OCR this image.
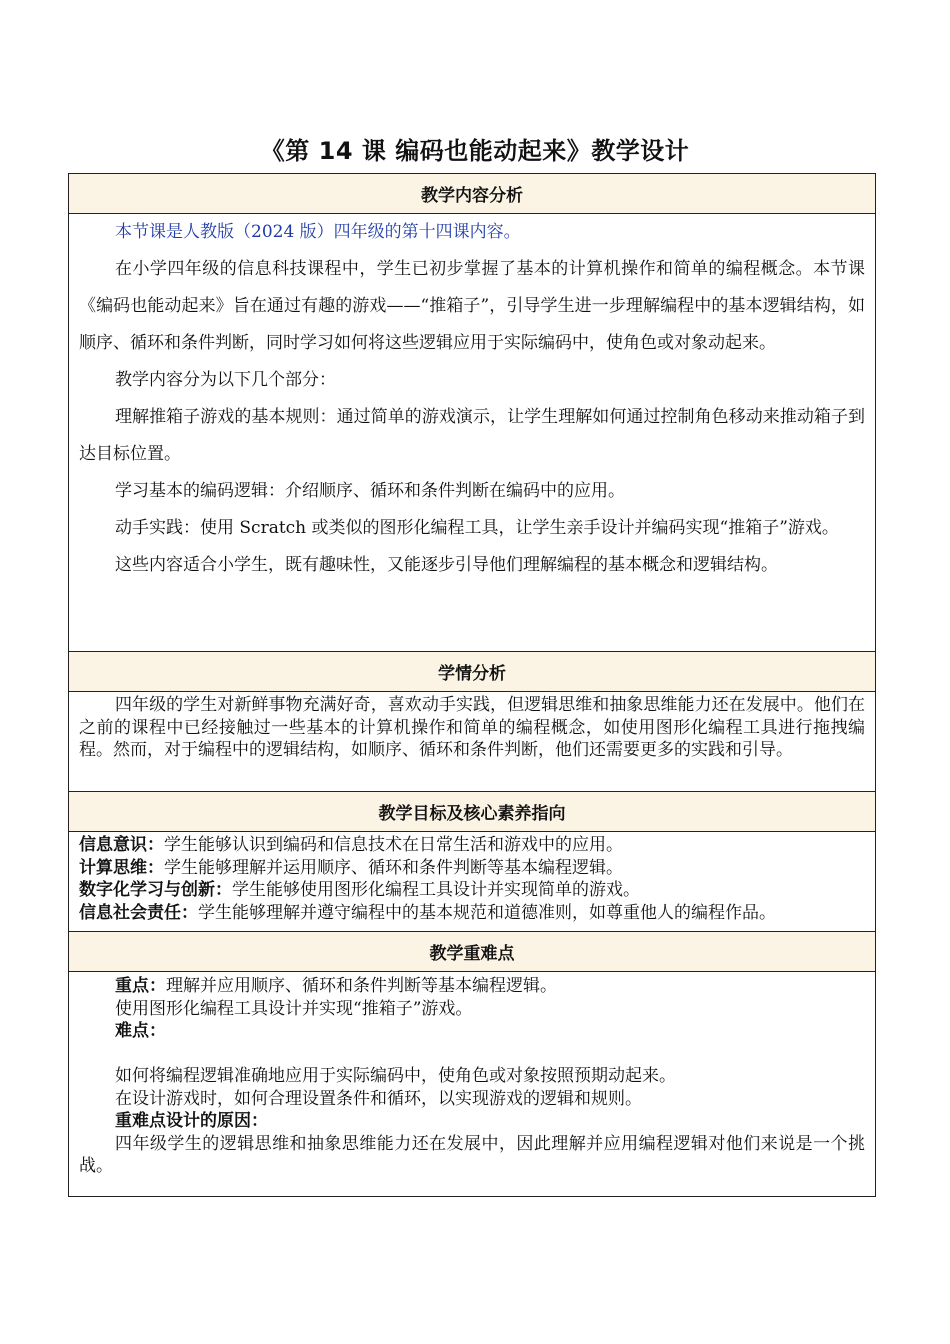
《第 14 课 编码也能动起来》教学设计
教学内容分析

本节课是人教版（2024 版）四年级的第十四课内容。

在小学四年级的信息科技课程中，学生已初步掌握了基本的计算机操作和简单的编程概念。本节课《编码也能动起来》旨在通过有趣的游戏——“推箱子”，引导学生进一步理解编程中的基本逻辑结构，如顺序、循环和条件判断，同时学习如何将这些逻辑应用于实际编码中，使角色或对象动起来。

教学内容分为以下几个部分：

理解推箱子游戏的基本规则：通过简单的游戏演示，让学生理解如何通过控制角色移动来推动箱子到达目标位置。

学习基本的编码逻辑：介绍顺序、循环和条件判断在编码中的应用。

动手实践：使用 Scratch 或类似的图形化编程工具，让学生亲手设计并编码实现“推箱子”游戏。

这些内容适合小学生，既有趣味性，又能逐步引导他们理解编程的基本概念和逻辑结构。

学情分析

四年级的学生对新鲜事物充满好奇，喜欢动手实践，但逻辑思维和抽象思维能力还在发展中。他们在之前的课程中已经接触过一些基本的计算机操作和简单的编程概念，如使用图形化编程工具进行拖拽编程。然而，对于编程中的逻辑结构，如顺序、循环和条件判断，他们还需要更多的实践和引导。

教学目标及核心素养指向

信息意识：学生能够认识到编码和信息技术在日常生活和游戏中的应用。

计算思维：学生能够理解并运用顺序、循环和条件判断等基本编程逻辑。

数字化学习与创新：学生能够使用图形化编程工具设计并实现简单的游戏。

信息社会责任：学生能够理解并遵守编程中的基本规范和道德准则，如尊重他人的编程作品。

教学重难点

重点：理解并应用顺序、循环和条件判断等基本编程逻辑。

使用图形化编程工具设计并实现“推箱子”游戏。

难点：

如何将编程逻辑准确地应用于实际编码中，使角色或对象按照预期动起来。

在设计游戏时，如何合理设置条件和循环，以实现游戏的逻辑和规则。

重难点设计的原因：

四年级学生的逻辑思维和抽象思维能力还在发展中，因此理解并应用编程逻辑对他们来说是一个挑战。
